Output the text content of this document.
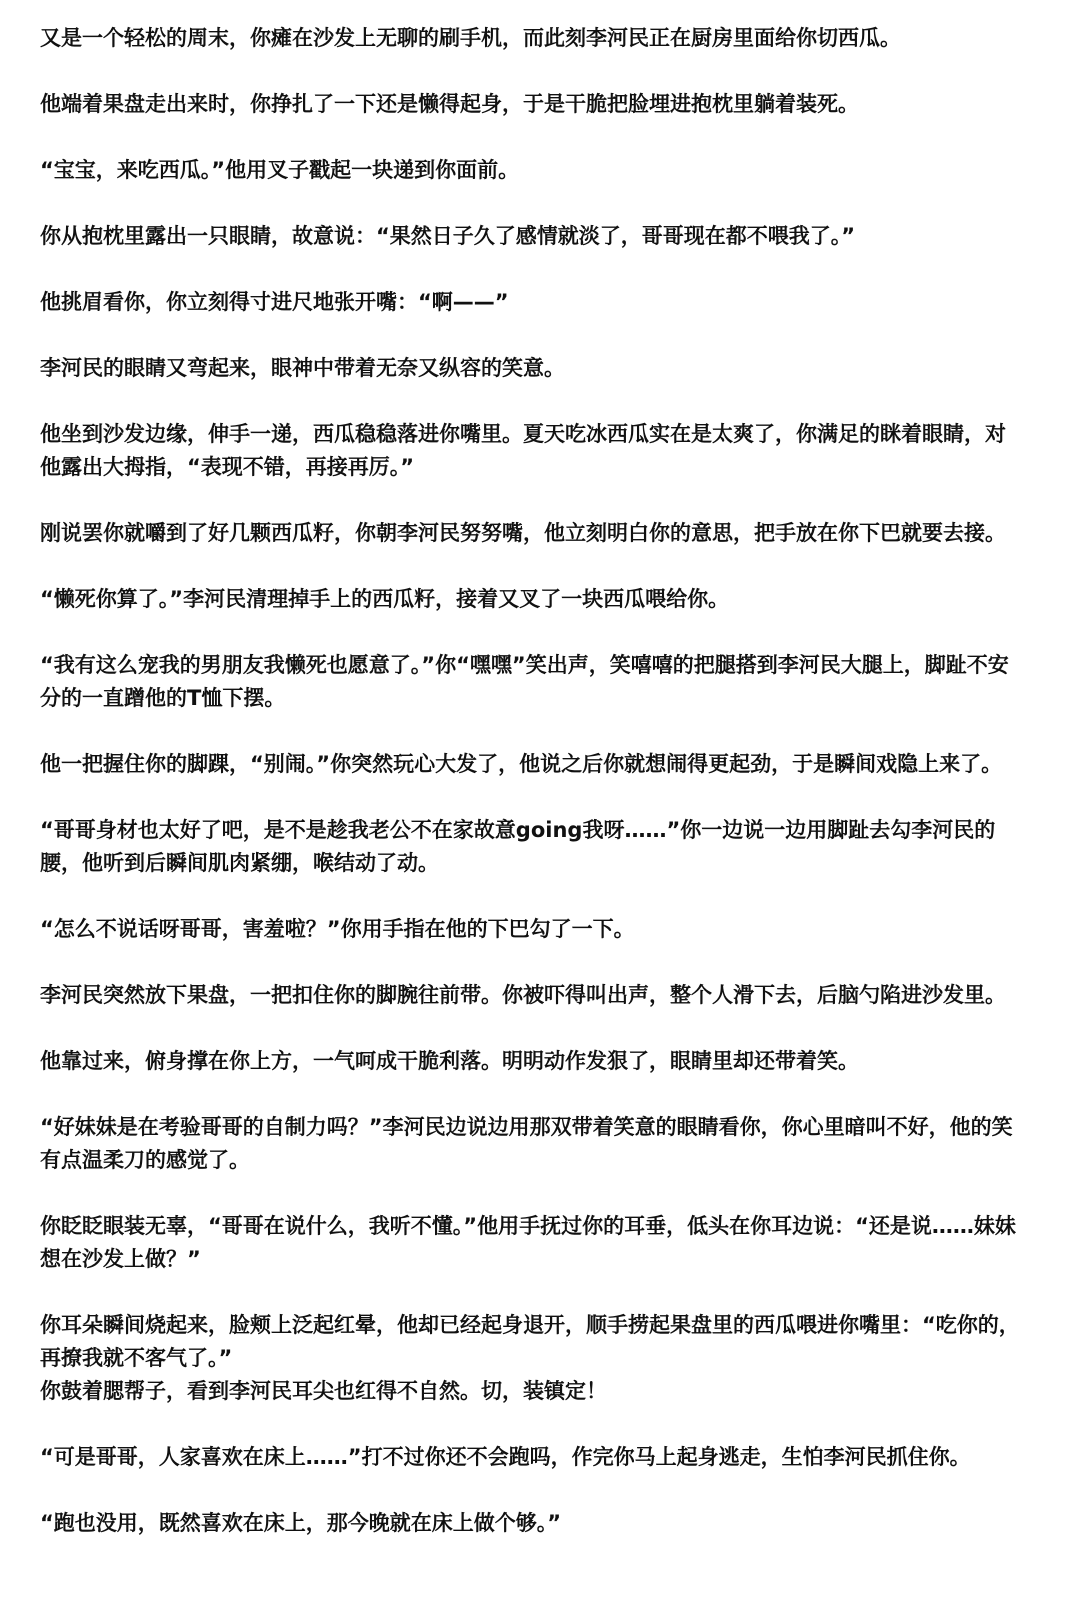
又是一个轻松的周末，你瘫在沙发上无聊的刷手机，而此刻李河民正在厨房里面给你切西瓜。

他端着果盘走出来时，你挣扎了一下还是懒得起身，于是干脆把脸埋进抱枕里躺着装死。

“宝宝，来吃西瓜。”他用叉子戳起一块递到你面前。

你从抱枕里露出一只眼睛，故意说：“果然日子久了感情就淡了，哥哥现在都不喂我了。”

他挑眉看你，你立刻得寸进尺地张开嘴：“啊——”

李河民的眼睛又弯起来，眼神中带着无奈又纵容的笑意。

他坐到沙发边缘，伸手一递，西瓜稳稳落进你嘴里。夏天吃冰西瓜实在是太爽了，你满足的眯着眼睛，对他露出大拇指，“表现不错，再接再厉。”

刚说罢你就嚼到了好几颗西瓜籽，你朝李河民努努嘴，他立刻明白你的意思，把手放在你下巴就要去接。

“懒死你算了。”李河民清理掉手上的西瓜籽，接着又叉了一块西瓜喂给你。

“我有这么宠我的男朋友我懒死也愿意了。”你“嘿嘿”笑出声，笑嘻嘻的把腿搭到李河民大腿上，脚趾不安分的一直蹭他的T恤下摆。

他一把握住你的脚踝，“别闹。”你突然玩心大发了，他说之后你就想闹得更起劲，于是瞬间戏隐上来了。

“哥哥身材也太好了吧，是不是趁我老公不在家故意going我呀……”你一边说一边用脚趾去勾李河民的腰，他听到后瞬间肌肉紧绷，喉结动了动。

“怎么不说话呀哥哥，害羞啦？”你用手指在他的下巴勾了一下。

李河民突然放下果盘，一把扣住你的脚腕往前带。你被吓得叫出声，整个人滑下去，后脑勺陷进沙发里。

他靠过来，俯身撑在你上方，一气呵成干脆利落。明明动作发狠了，眼睛里却还带着笑。

“好妹妹是在考验哥哥的自制力吗？”李河民边说边用那双带着笑意的眼睛看你，你心里暗叫不好，他的笑有点温柔刀的感觉了。

你眨眨眼装无辜，“哥哥在说什么，我听不懂。”他用手抚过你的耳垂，低头在你耳边说：“还是说……妹妹想在沙发上做？”

你耳朵瞬间烧起来，脸颊上泛起红晕，他却已经起身退开，顺手捞起果盘里的西瓜喂进你嘴里：“吃你的，再撩我就不客气了。”

你鼓着腮帮子，看到李河民耳尖也红得不自然。切，装镇定！

“可是哥哥，人家喜欢在床上……”打不过你还不会跑吗，作完你马上起身逃走，生怕李河民抓住你。

“跑也没用，既然喜欢在床上，那今晚就在床上做个够。”
